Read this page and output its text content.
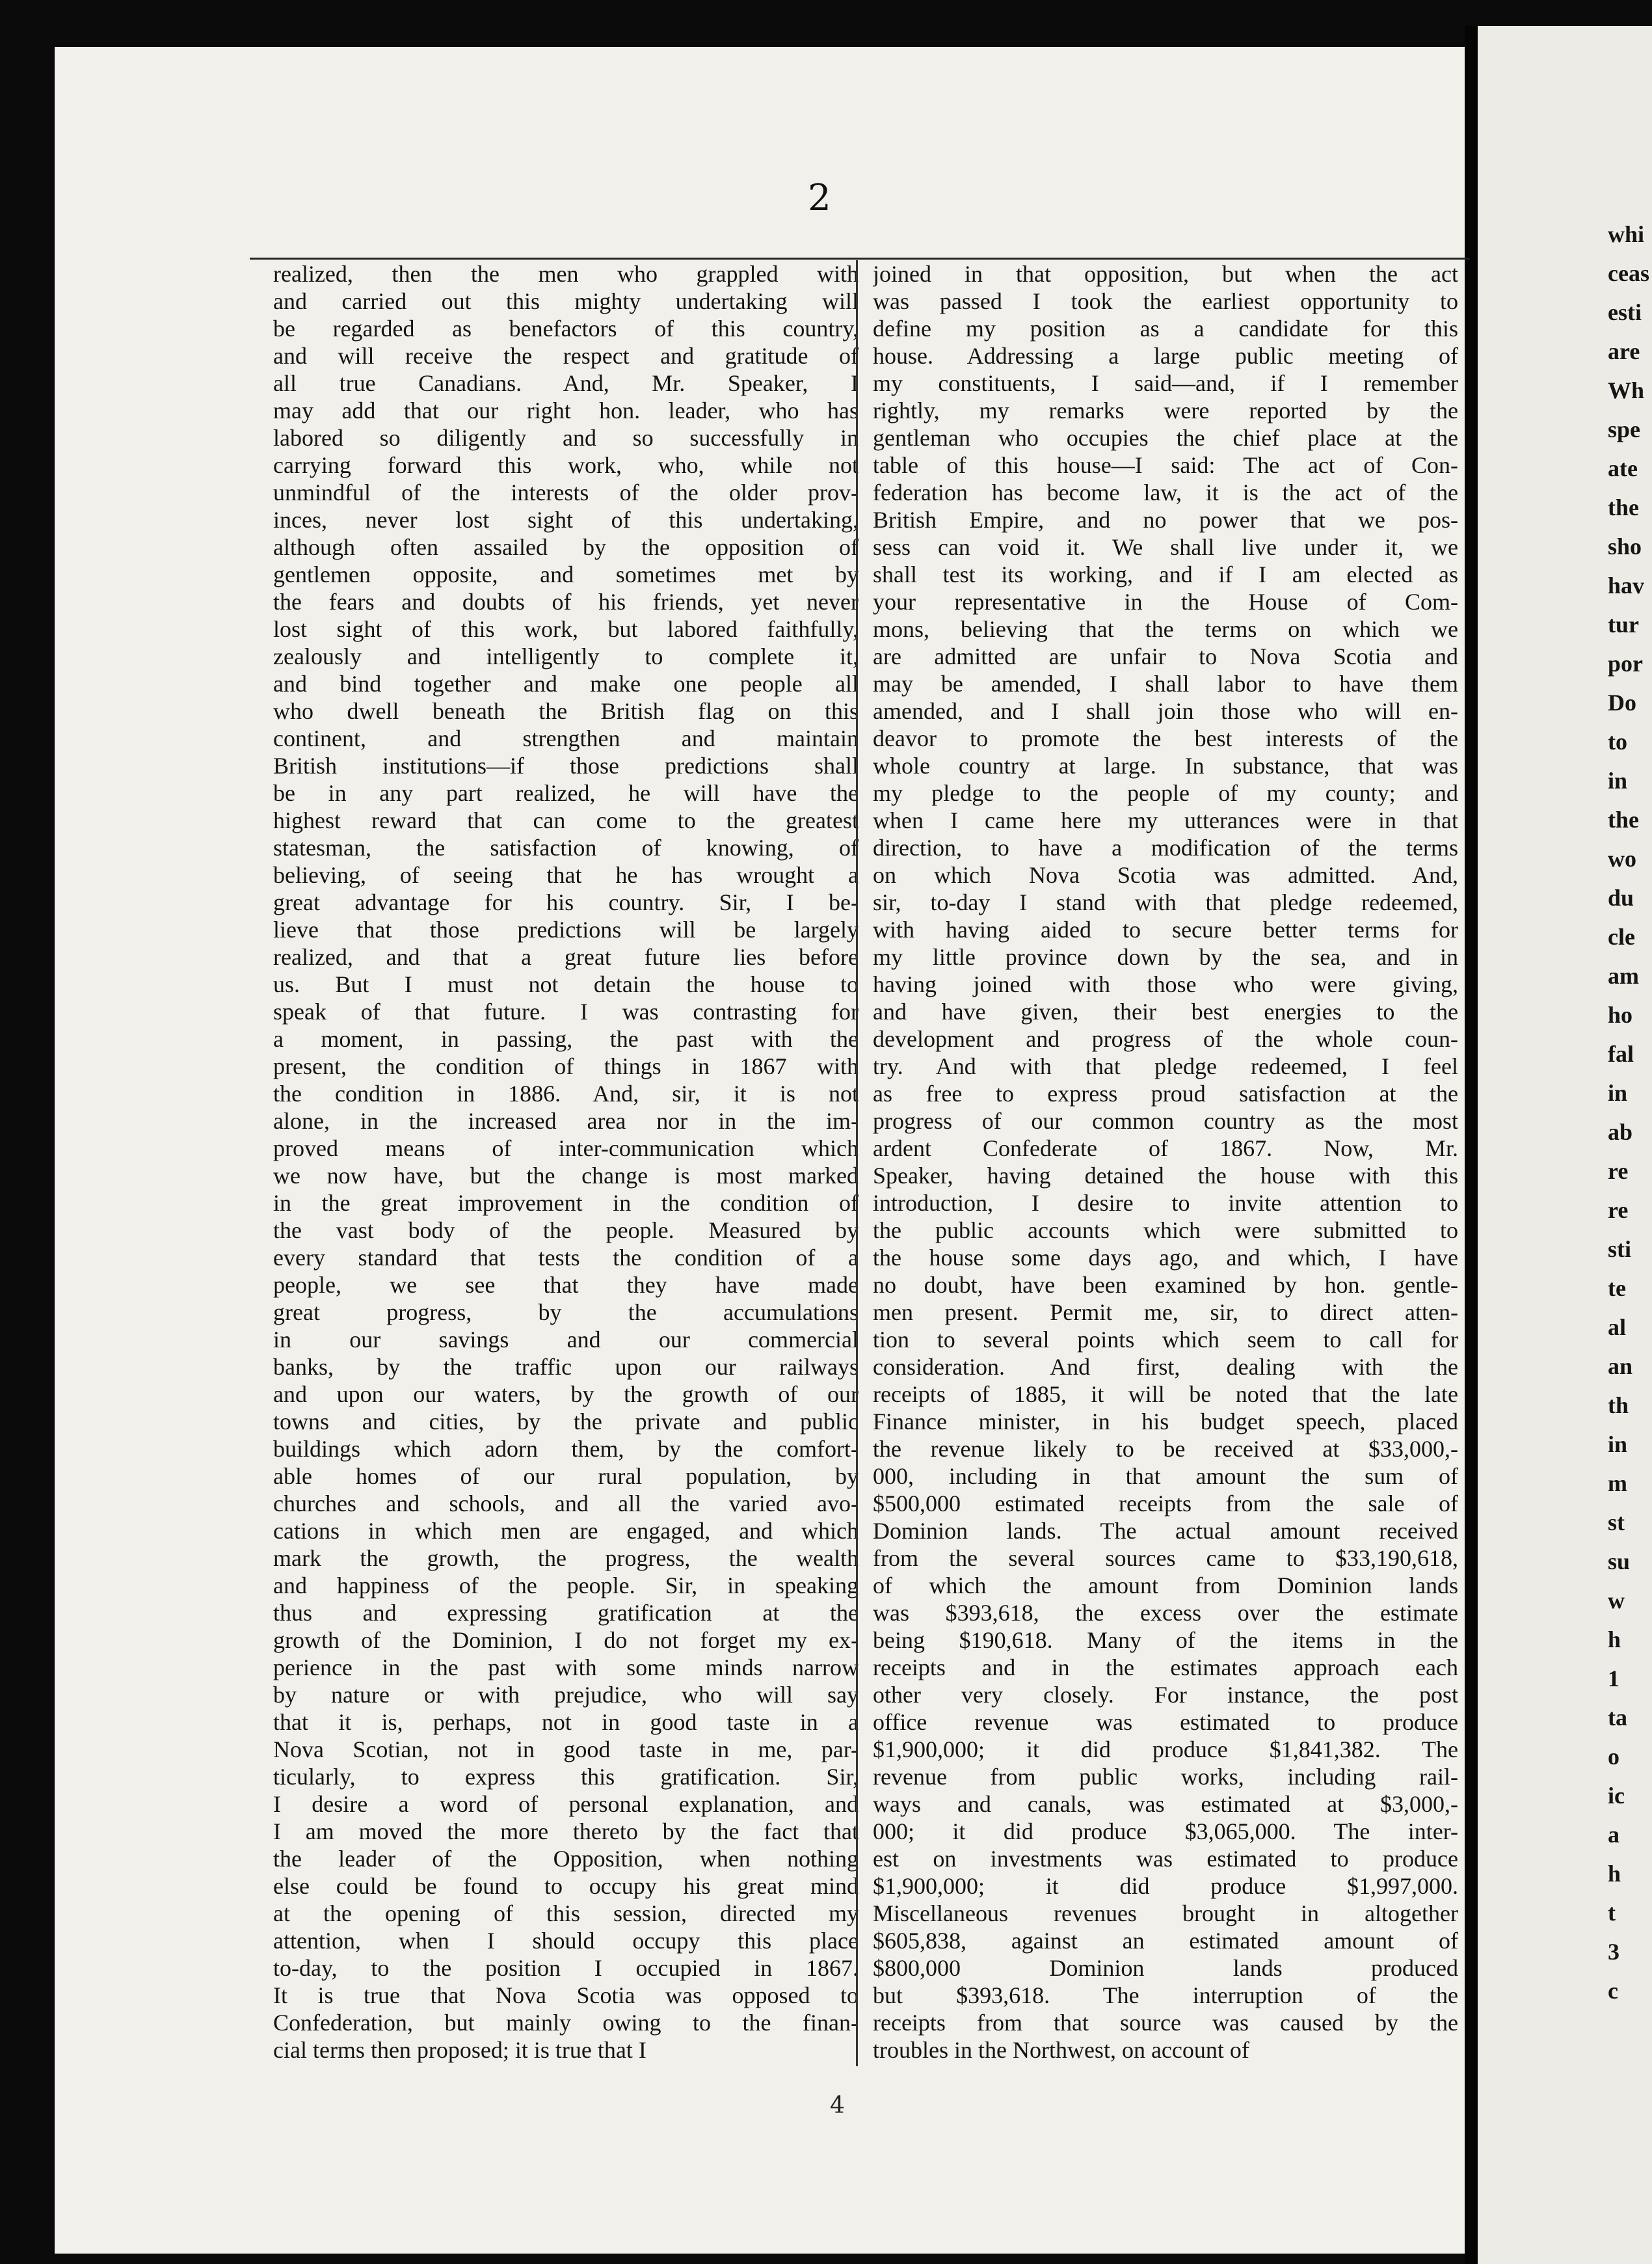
whi
ceas
esti
are
Wh
spe
ate
the
sho
hav
tur
por
Do
to
in
the
wo
du
cle
am
ho
fal
in
ab
re
re
sti
te
al
an
th
in
m
st
su
w
h
1
ta
o
ic
a
h
t
3
c
2
realized, then the men who grappled with
and carried out this mighty undertaking will
be regarded as benefactors of this country,
and will receive the respect and gratitude of
all true Canadians. And, Mr. Speaker, I
may add that our right hon. leader, who has
labored so diligently and so successfully in
carrying forward this work, who, while not
unmindful of the interests of the older prov-
inces, never lost sight of this undertaking,
although often assailed by the opposition of
gentlemen opposite, and sometimes met by
the fears and doubts of his friends, yet never
lost sight of this work, but labored faithfully,
zealously and intelligently to complete it,
and bind together and make one people all
who dwell beneath the British flag on this
continent, and strengthen and maintain
British institutions—if those predictions shall
be in any part realized, he will have the
highest reward that can come to the greatest
statesman, the satisfaction of knowing, of
believing, of seeing that he has wrought a
great advantage for his country. Sir, I be-
lieve that those predictions will be largely
realized, and that a great future lies before
us. But I must not detain the house to
speak of that future. I was contrasting for
a moment, in passing, the past with the
present, the condition of things in 1867 with
the condition in 1886. And, sir, it is not
alone, in the increased area nor in the im-
proved means of inter-communication which
we now have, but the change is most marked
in the great improvement in the condition of
the vast body of the people. Measured by
every standard that tests the condition of a
people, we see that they have made
great progress, by the accumulations
in our savings and our commercial
banks, by the traffic upon our railways
and upon our waters, by the growth of our
towns and cities, by the private and public
buildings which adorn them, by the comfort-
able homes of our rural population, by
churches and schools, and all the varied avo-
cations in which men are engaged, and which
mark the growth, the progress, the wealth
and happiness of the people. Sir, in speaking
thus and expressing gratification at the
growth of the Dominion, I do not forget my ex-
perience in the past with some minds narrow
by nature or with prejudice, who will say
that it is, perhaps, not in good taste in a
Nova Scotian, not in good taste in me, par-
ticularly, to express this gratification. Sir,
I desire a word of personal explanation, and
I am moved the more thereto by the fact that
the leader of the Opposition, when nothing
else could be found to occupy his great mind
at the opening of this session, directed my
attention, when I should occupy this place
to-day, to the position I occupied in 1867.
It is true that Nova Scotia was opposed to
Confederation, but mainly owing to the finan-
cial terms then proposed; it is true that I
joined in that opposition, but when the act
was passed I took the earliest opportunity to
define my position as a candidate for this
house. Addressing a large public meeting of
my constituents, I said—and, if I remember
rightly, my remarks were reported by the
gentleman who occupies the chief place at the
table of this house—I said: The act of Con-
federation has become law, it is the act of the
British Empire, and no power that we pos-
sess can void it. We shall live under it, we
shall test its working, and if I am elected as
your representative in the House of Com-
mons, believing that the terms on which we
are admitted are unfair to Nova Scotia and
may be amended, I shall labor to have them
amended, and I shall join those who will en-
deavor to promote the best interests of the
whole country at large. In substance, that was
my pledge to the people of my county; and
when I came here my utterances were in that
direction, to have a modification of the terms
on which Nova Scotia was admitted. And,
sir, to-day I stand with that pledge redeemed,
with having aided to secure better terms for
my little province down by the sea, and in
having joined with those who were giving,
and have given, their best energies to the
development and progress of the whole coun-
try. And with that pledge redeemed, I feel
as free to express proud satisfaction at the
progress of our common country as the most
ardent Confederate of 1867. Now, Mr.
Speaker, having detained the house with this
introduction, I desire to invite attention to
the public accounts which were submitted to
the house some days ago, and which, I have
no doubt, have been examined by hon. gentle-
men present. Permit me, sir, to direct atten-
tion to several points which seem to call for
consideration. And first, dealing with the
receipts of 1885, it will be noted that the late
Finance minister, in his budget speech, placed
the revenue likely to be received at $33,000,-
000, including in that amount the sum of
$500,000 estimated receipts from the sale of
Dominion lands. The actual amount received
from the several sources came to $33,190,618,
of which the amount from Dominion lands
was $393,618, the excess over the estimate
being $190,618. Many of the items in the
receipts and in the estimates approach each
other very closely. For instance, the post
office revenue was estimated to produce
$1,900,000; it did produce $1,841,382. The
revenue from public works, including rail-
ways and canals, was estimated at $3,000,-
000; it did produce $3,065,000. The inter-
est on investments was estimated to produce
$1,900,000; it did produce $1,997,000.
Miscellaneous revenues brought in altogether
$605,838, against an estimated amount of
$800,000 Dominion lands produced
but $393,618. The interruption of the
receipts from that source was caused by the
troubles in the Northwest, on account of
4
